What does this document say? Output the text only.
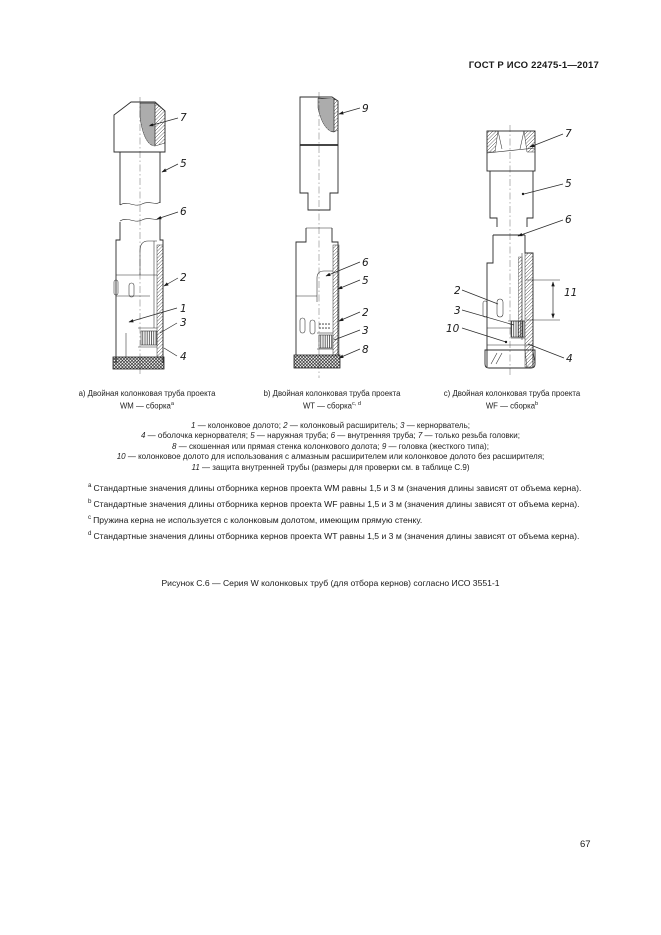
ГОСТ Р ИСО 22475-1—2017
7
5
6
2
1
3
4
9
6
5
2
3
8
7
5
6
11
2
3
10
4
a) Двойная колонковая труба проекта
WM — сборка$^a$
b) Двойная колонковая труба проекта
WT — сборка$^{c, d}$
c) Двойная колонковая труба проекта
WF — сборка$^b$
1 — колонковое долото; 2 — колонковый расширитель; 3 — кернорватель;
4 — оболочка кернорвателя; 5 — наружная труба; 6 — внутренняя труба; 7 — только резьба головки;
8 — скошенная или прямая стенка колонкового долота; 9 — головка (жесткого типа);
10 — колонковое долото для использования с алмазным расширителем или колонковое долото без расширителя;
11 — защита внутренней трубы (размеры для проверки см. в таблице С.9)

$^a$ Стандартные значения длины отборника кернов проекта WM равны 1,5 и 3 м (значения длины зависят от объема керна).

$^b$ Стандартные значения длины отборника кернов проекта WF равны 1,5 и 3 м (значения длины зависят от объема керна).

$^c$ Пружина керна не используется с колонковым долотом, имеющим прямую стенку.

$^d$ Стандартные значения длины отборника кернов проекта WT равны 1,5 и 3 м (значения длины зависят от объема керна).

Рисунок С.6 — Серия W колонковых труб (для отбора кернов) согласно ИСО 3551-1
67
